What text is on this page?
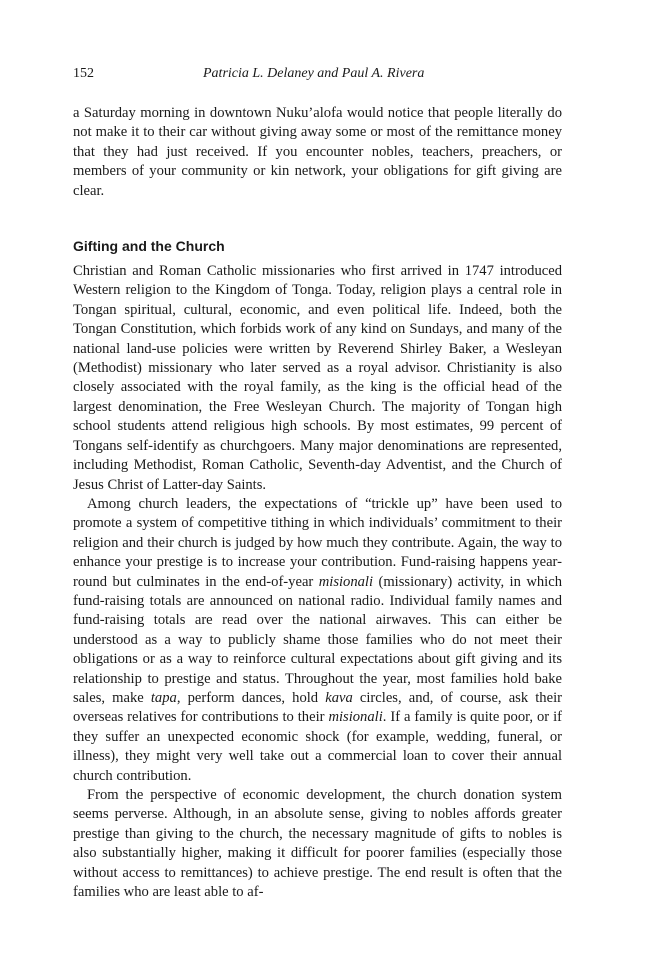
152	Patricia L. Delaney and Paul A. Rivera

a Saturday morning in downtown Nuku’alofa would notice that people literally do not make it to their car without giving away some or most of the remittance money that they had just received. If you encounter nobles, teachers, preachers, or members of your community or kin network, your obligations for gift giving are clear.

Gifting and the Church

Christian and Roman Catholic missionaries who first arrived in 1747 introduced Western religion to the Kingdom of Tonga. Today, religion plays a central role in Tongan spiritual, cultural, economic, and even political life. Indeed, both the Tongan Constitution, which forbids work of any kind on Sundays, and many of the national land-use policies were written by Reverend Shirley Baker, a Wesleyan (Methodist) missionary who later served as a royal advisor. Christianity is also closely associated with the royal family, as the king is the official head of the largest denomination, the Free Wesleyan Church. The majority of Tongan high school students attend religious high schools. By most estimates, 99 percent of Tongans self-identify as churchgoers. Many major denominations are represented, including Methodist, Roman Catholic, Seventh-day Adventist, and the Church of Jesus Christ of Latter-day Saints.

Among church leaders, the expectations of “trickle up” have been used to promote a system of competitive tithing in which individuals’ commitment to their religion and their church is judged by how much they contribute. Again, the way to enhance your prestige is to increase your contribution. Fund-raising happens year-round but culminates in the end-of-year misionali (missionary) activity, in which fund-raising totals are announced on national radio. Individual family names and fund-raising totals are read over the national airwaves. This can either be understood as a way to publicly shame those families who do not meet their obligations or as a way to reinforce cultural expectations about gift giving and its relationship to prestige and status. Throughout the year, most families hold bake sales, make tapa, perform dances, hold kava circles, and, of course, ask their overseas relatives for contributions to their misionali. If a family is quite poor, or if they suffer an unexpected economic shock (for example, wedding, funeral, or illness), they might very well take out a commercial loan to cover their annual church contribution.

From the perspective of economic development, the church donation system seems perverse. Although, in an absolute sense, giving to nobles affords greater prestige than giving to the church, the necessary magnitude of gifts to nobles is also substantially higher, making it difficult for poorer families (especially those without access to remittances) to achieve prestige. The end result is often that the families who are least able to af-
